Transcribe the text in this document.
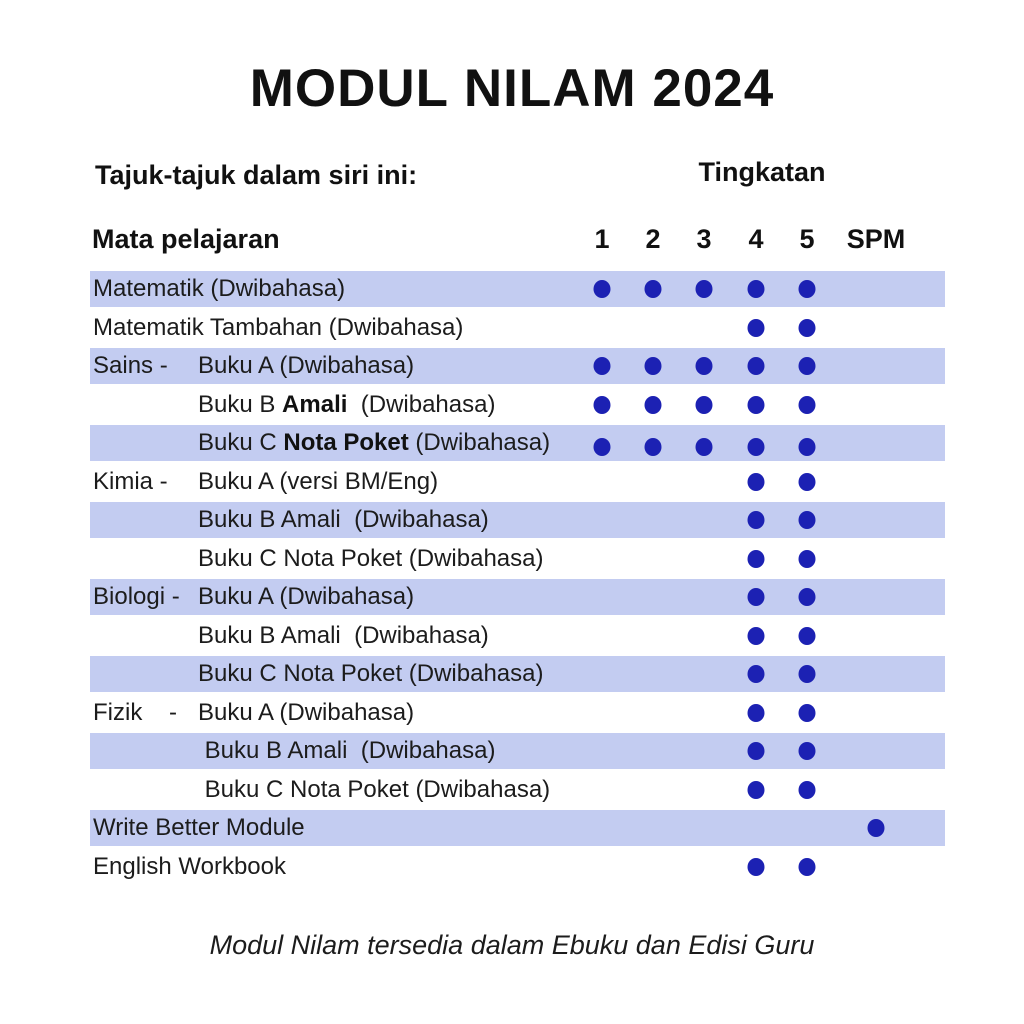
MODUL NILAM 2024
Tajuk-tajuk dalam siri ini:	Tingkatan
Mata pelajaran	1 2 3 4 5 SPM
Matematik (Dwibahasa)
Matematik Tambahan (Dwibahasa)
Sains - Buku A (Dwibahasa)
Buku B Amali  (Dwibahasa)
Buku C Nota Poket (Dwibahasa)
Kimia - Buku A (versi BM/Eng)
Buku B Amali  (Dwibahasa)
Buku C Nota Poket (Dwibahasa)
Biologi - Buku A (Dwibahasa)
Buku B Amali  (Dwibahasa)
Buku C Nota Poket (Dwibahasa)
Fizik    - Buku A (Dwibahasa)
Buku B Amali  (Dwibahasa)
Buku C Nota Poket (Dwibahasa)
Write Better Module
English Workbook
Modul Nilam tersedia dalam Ebuku dan Edisi Guru
